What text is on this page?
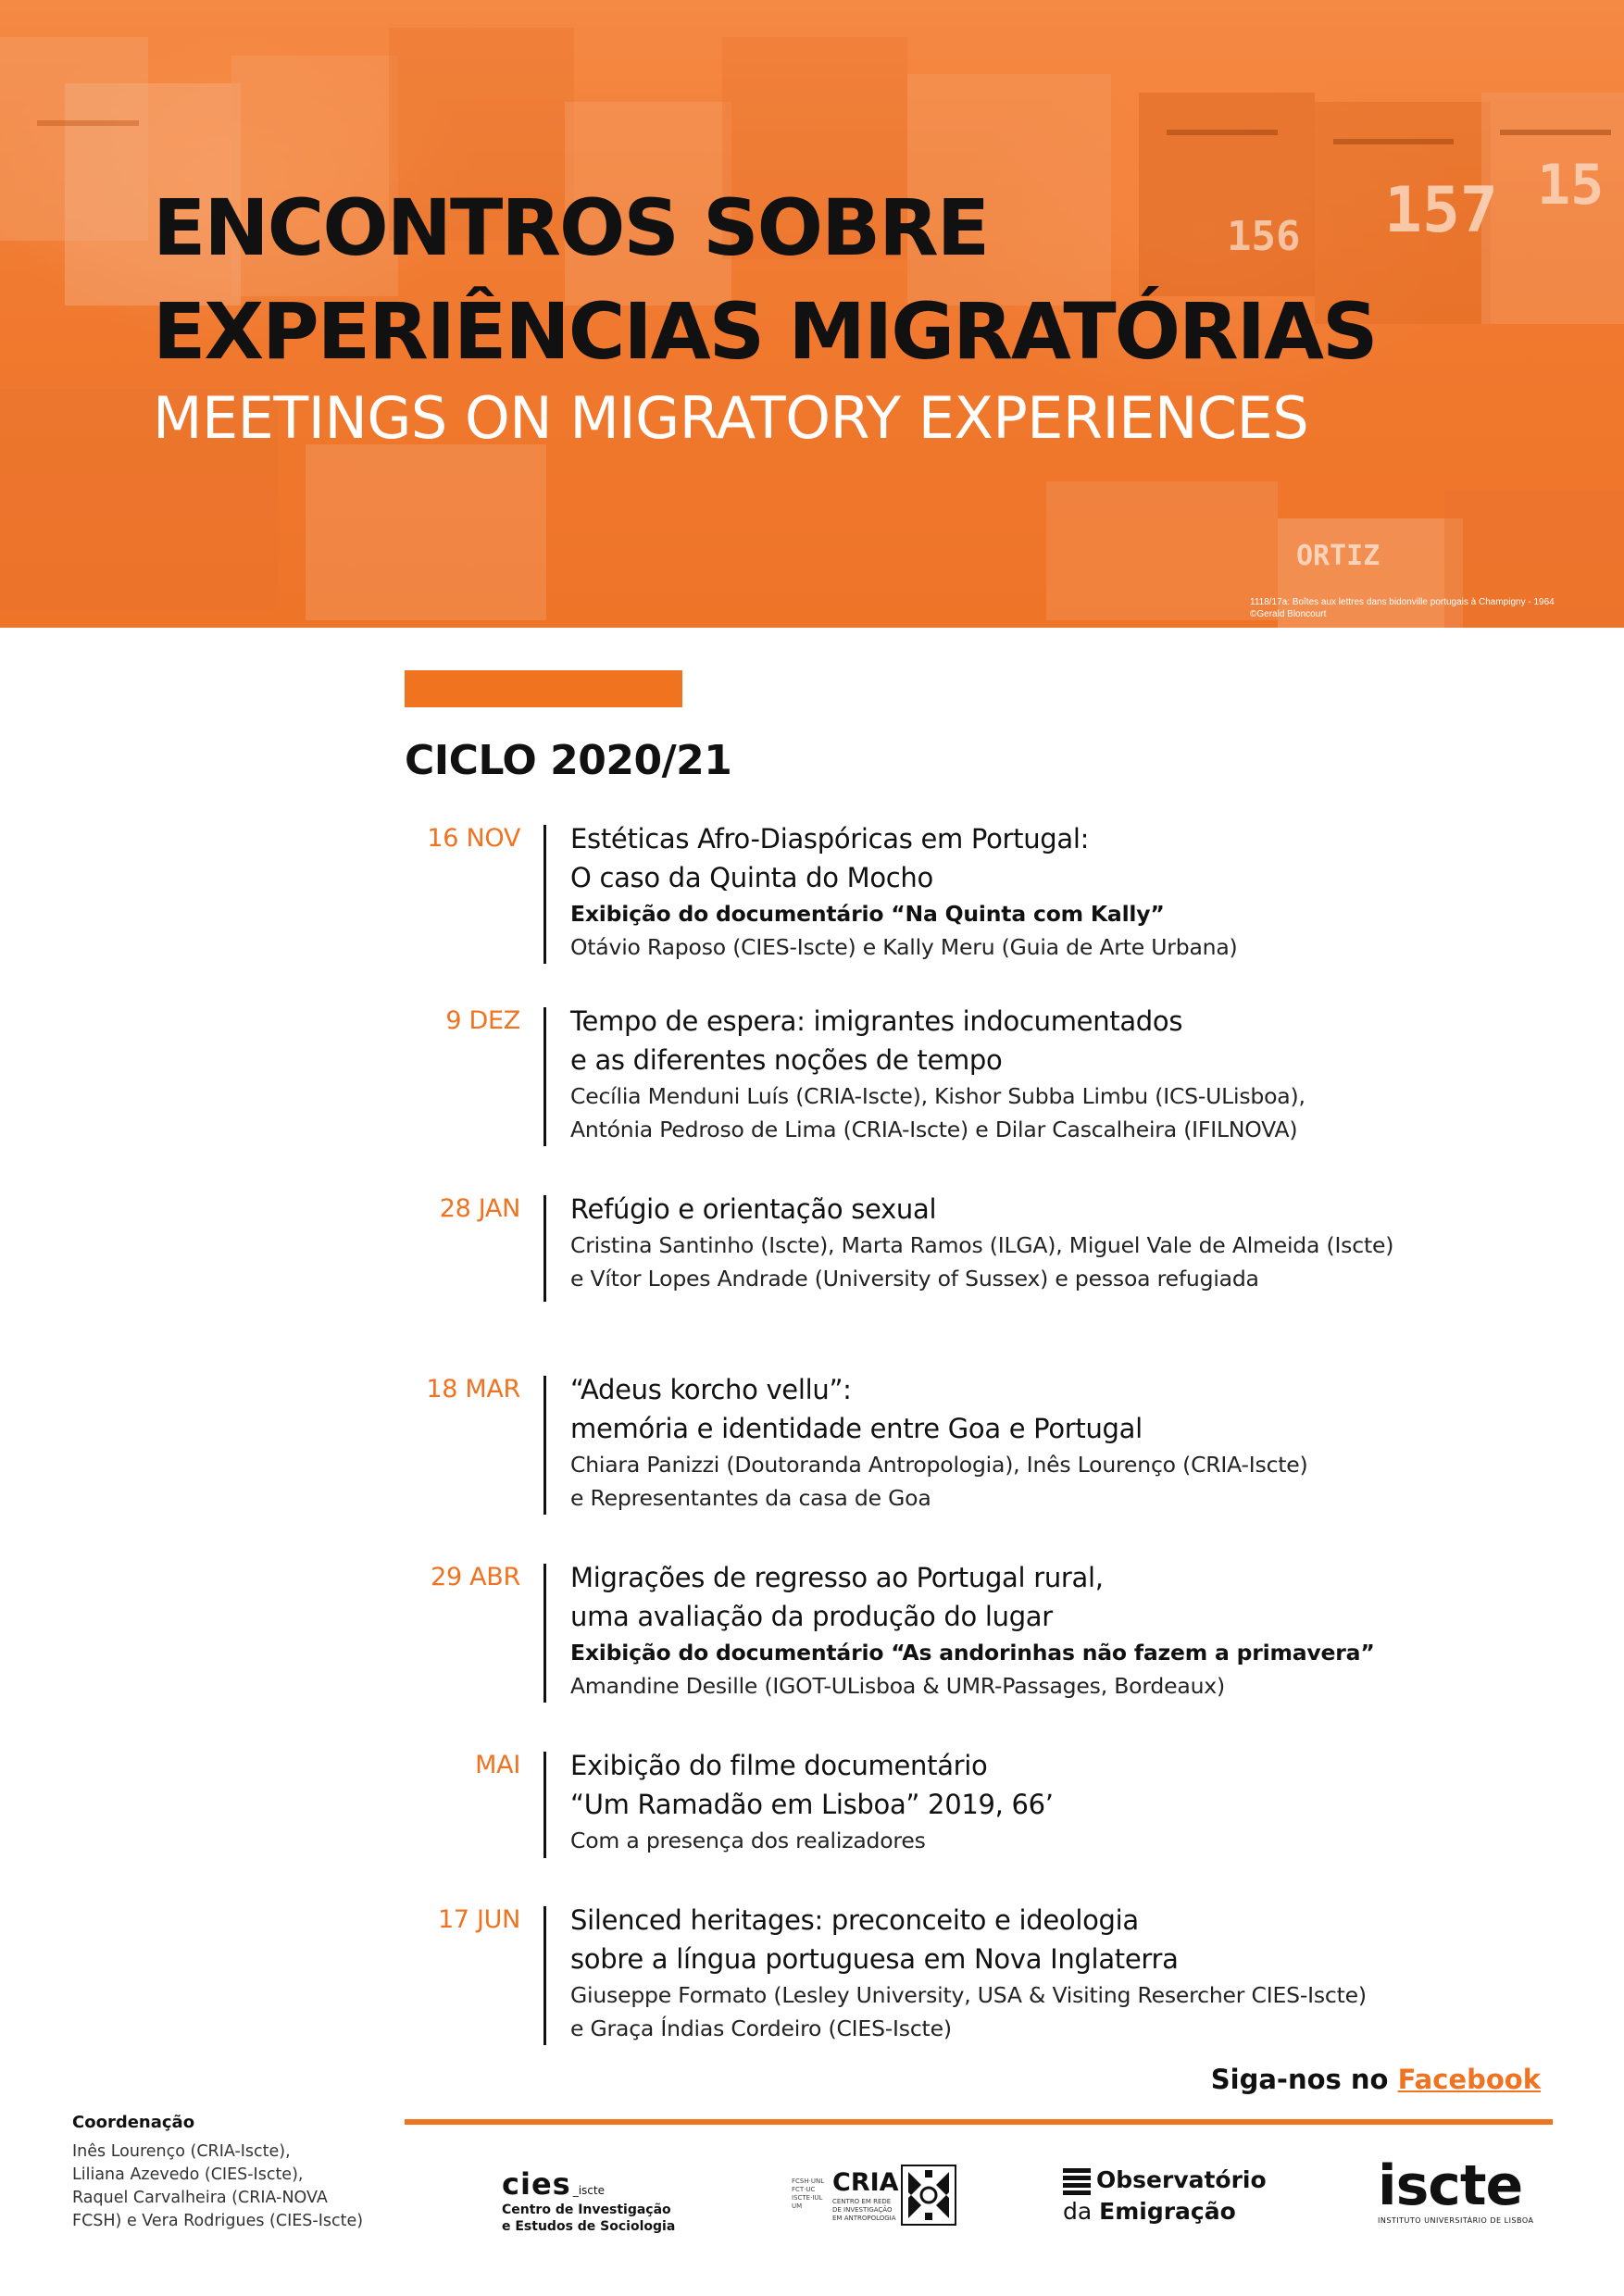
156 157 15
ORTIZ
ENCONTROS SOBRE
EXPERIÊNCIAS MIGRATÓRIAS

MEETINGS ON MIGRATORY EXPERIENCES

1118/17a: Boîtes aux lettres dans bidonville portugais à Champigny - 1964
©Gerald Bloncourt
CICLO 2020/21
16 NOV Estéticas Afro-Diaspóricas em Portugal:
O caso da Quinta do Mocho
Exibição do documentário “Na Quinta com Kally”
Otávio Raposo (CIES-Iscte) e Kally Meru (Guia de Arte Urbana)
9 DEZ Tempo de espera: imigrantes indocumentados
e as diferentes noções de tempo
Cecília Menduni Luís (CRIA-Iscte), Kishor Subba Limbu (ICS-ULisboa),
Antónia Pedroso de Lima (CRIA-Iscte) e Dilar Cascalheira (IFILNOVA)
28 JAN Refúgio e orientação sexual
Cristina Santinho (Iscte), Marta Ramos (ILGA), Miguel Vale de Almeida (Iscte)
e Vítor Lopes Andrade (University of Sussex) e pessoa refugiada
18 MAR “Adeus korcho vellu”:
memória e identidade entre Goa e Portugal
Chiara Panizzi (Doutoranda Antropologia), Inês Lourenço (CRIA-Iscte)
e Representantes da casa de Goa
29 ABR Migrações de regresso ao Portugal rural,
uma avaliação da produção do lugar
Exibição do documentário “As andorinhas não fazem a primavera”
Amandine Desille (IGOT-ULisboa & UMR-Passages, Bordeaux)
MAI Exibição do filme documentário
“Um Ramadão em Lisboa” 2019, 66’
Com a presença dos realizadores
17 JUN Silenced heritages: preconceito e ideologia
sobre a língua portuguesa em Nova Inglaterra
Giuseppe Formato (Lesley University, USA & Visiting Resercher CIES-Iscte)
e Graça Índias Cordeiro (CIES-Iscte)
Siga-nos no Facebook
Coordenação
Inês Lourenço (CRIA-Iscte),
Liliana Azevedo (CIES-Iscte),
Raquel Carvalheira (CRIA-NOVA
FCSH) e Vera Rodrigues (CIES-Iscte)
cies _iscte
Centro de Investigação
e Estudos de Sociologia
FCSH·UNL
FCT·UC
ISCTE·IUL
UM
CRIA
CENTRO EM REDE
DE INVESTIGAÇÃO
EM ANTROPOLOGIA
Observatório
da Emigração	iscte
INSTITUTO UNIVERSITÁRIO DE LISBOA
